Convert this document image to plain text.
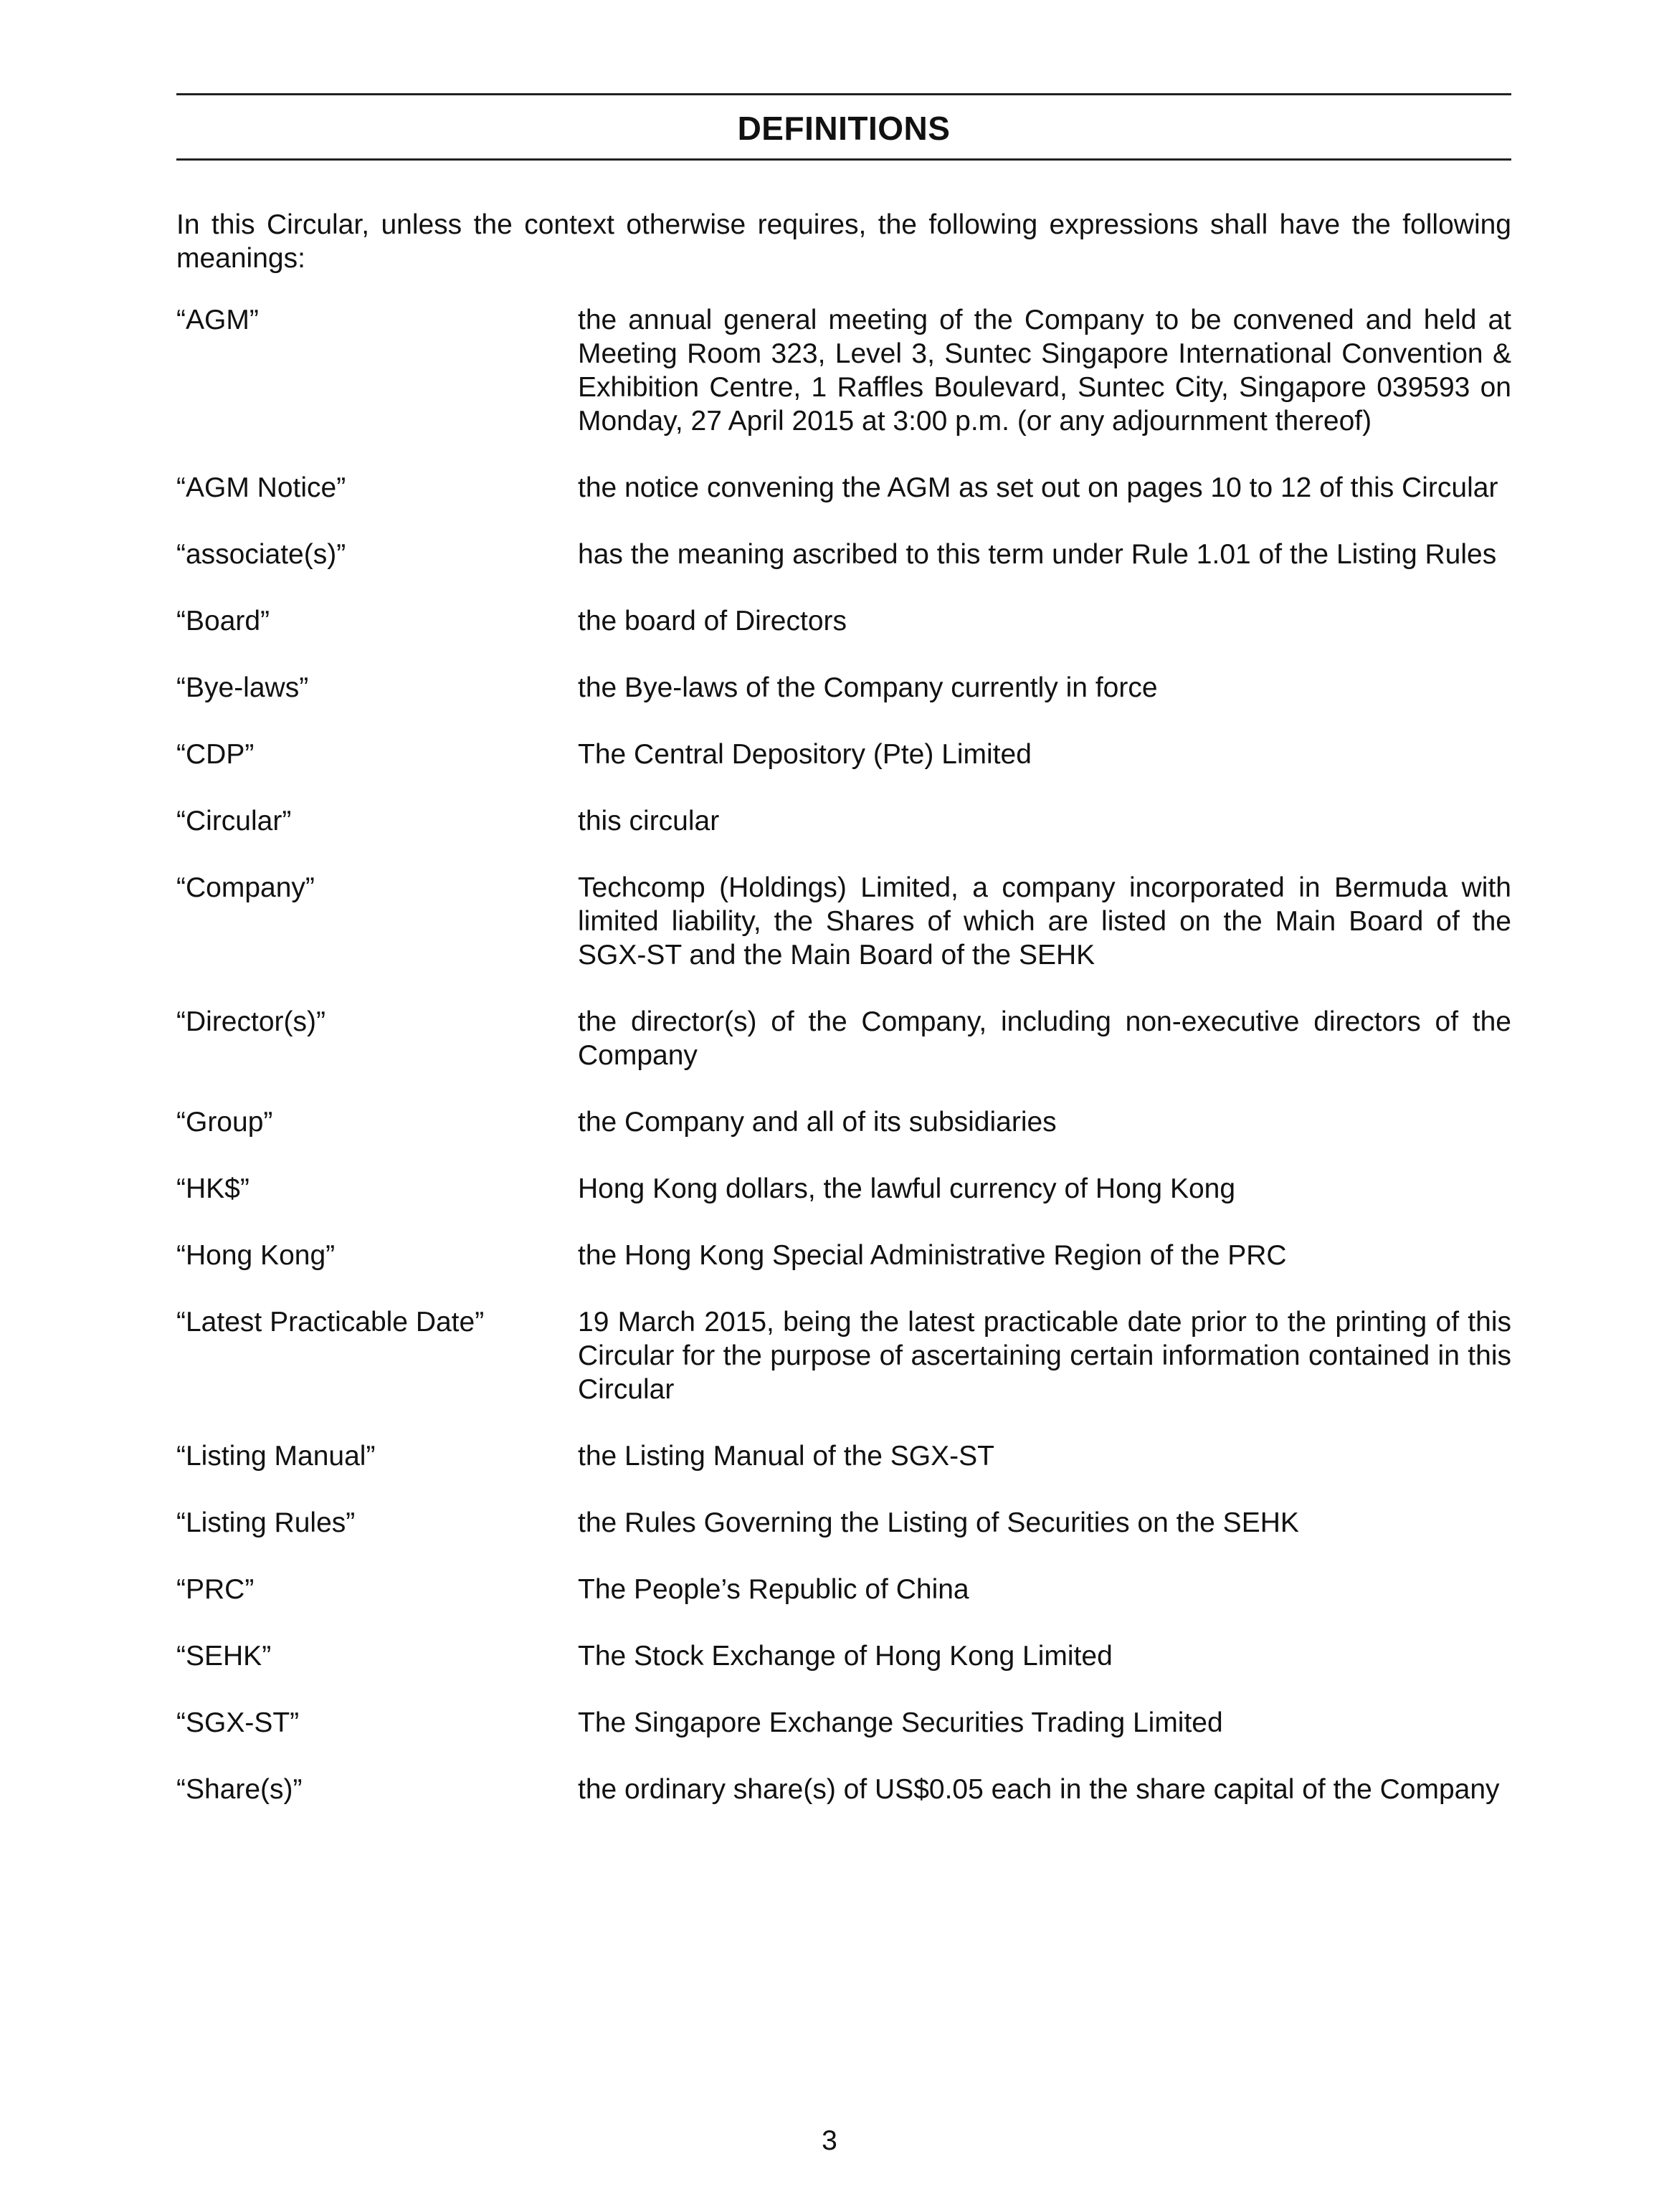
DEFINITIONS

In this Circular, unless the context otherwise requires, the following expressions shall have the following meanings:

“AGM”	the annual general meeting of the Company to be convened and held at Meeting Room 323, Level 3, Suntec Singapore International Convention & Exhibition Centre, 1 Raffles Boulevard, Suntec City, Singapore 039593 on Monday, 27 April 2015 at 3:00 p.m. (or any adjournment thereof)
“AGM Notice”	the notice convening the AGM as set out on pages 10 to 12 of this Circular
“associate(s)”	has the meaning ascribed to this term under Rule 1.01 of the Listing Rules
“Board”	the board of Directors
“Bye-laws”	the Bye-laws of the Company currently in force
“CDP”	The Central Depository (Pte) Limited
“Circular”	this circular
“Company”	Techcomp (Holdings) Limited, a company incorporated in Bermuda with limited liability, the Shares of which are listed on the Main Board of the SGX-ST and the Main Board of the SEHK
“Director(s)”	the director(s) of the Company, including non-executive directors of the Company
“Group”	the Company and all of its subsidiaries
“HK$”	Hong Kong dollars, the lawful currency of Hong Kong
“Hong Kong”	the Hong Kong Special Administrative Region of the PRC
“Latest Practicable Date”	19 March 2015, being the latest practicable date prior to the printing of this Circular for the purpose of ascertaining certain information contained in this Circular
“Listing Manual”	the Listing Manual of the SGX-ST
“Listing Rules”	the Rules Governing the Listing of Securities on the SEHK
“PRC”	The People’s Republic of China
“SEHK”	The Stock Exchange of Hong Kong Limited
“SGX-ST”	The Singapore Exchange Securities Trading Limited
“Share(s)”	the ordinary share(s) of US$0.05 each in the share capital of the Company
3
